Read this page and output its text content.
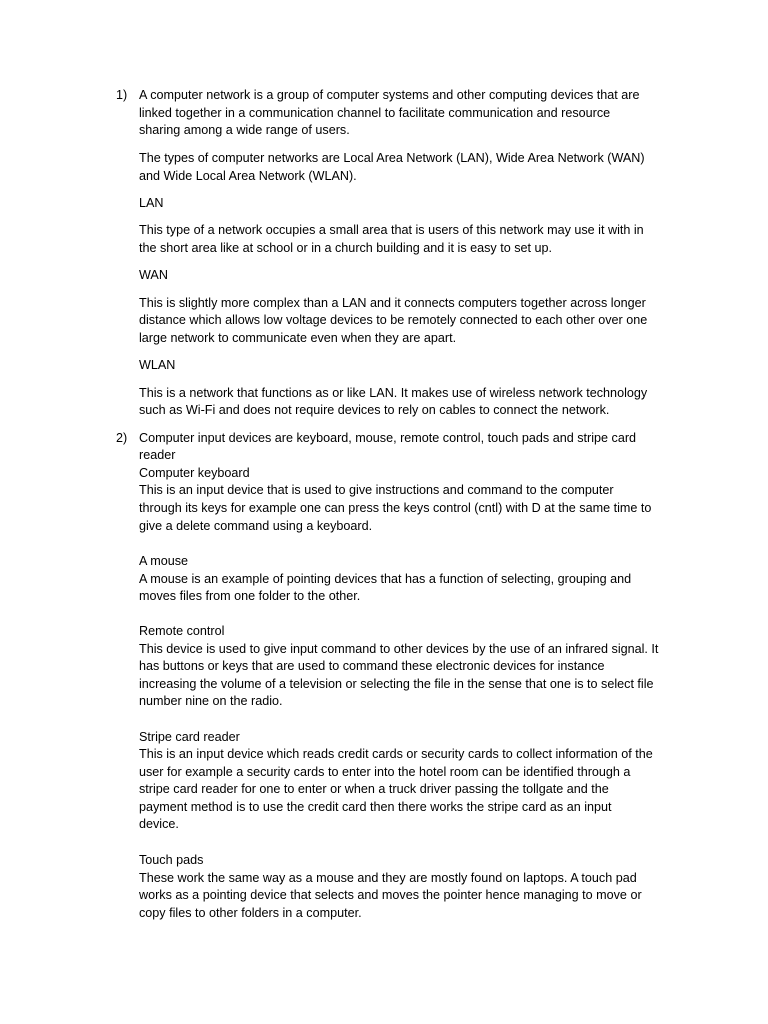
1) A computer network is a group of computer systems and other computing devices that are
linked together in a communication channel to facilitate communication and resource
sharing among a wide range of users.
The types of computer networks are Local Area Network (LAN), Wide Area Network (WAN)
and Wide Local Area Network (WLAN).
LAN
This type of a network occupies a small area that is users of this network may use it with in
the short area like at school or in a church building and it is easy to set up.
WAN
This is slightly more complex than a LAN and it connects computers together across longer
distance which allows low voltage devices to be remotely connected to each other over one
large network to communicate even when they are apart.
WLAN
This is a network that functions as or like LAN. It makes use of wireless network technology
such as Wi-Fi and does not require devices to rely on cables to connect the network.
2) Computer input devices are keyboard, mouse, remote control, touch pads and stripe card
reader
Computer keyboard
This is an input device that is used to give instructions and command to the computer
through its keys for example one can press the keys control (cntl) with D at the same time to
give a delete command using a keyboard.
A mouse
A mouse is an example of pointing devices that has a function of selecting, grouping and
moves files from one folder to the other.
Remote control
This device is used to give input command to other devices by the use of an infrared signal. It
has buttons or keys that are used to command these electronic devices for instance
increasing the volume of a television or selecting the file in the sense that one is to select file
number nine on the radio.
Stripe card reader
This is an input device which reads credit cards or security cards to collect information of the
user for example a security cards to enter into the hotel room can be identified through a
stripe card reader for one to enter or when a truck driver passing the tollgate and the
payment method is to use the credit card then there works the stripe card as an input
device.
Touch pads
These work the same way as a mouse and they are mostly found on laptops. A touch pad
works as a pointing device that selects and moves the pointer hence managing to move or
copy files to other folders in a computer.
